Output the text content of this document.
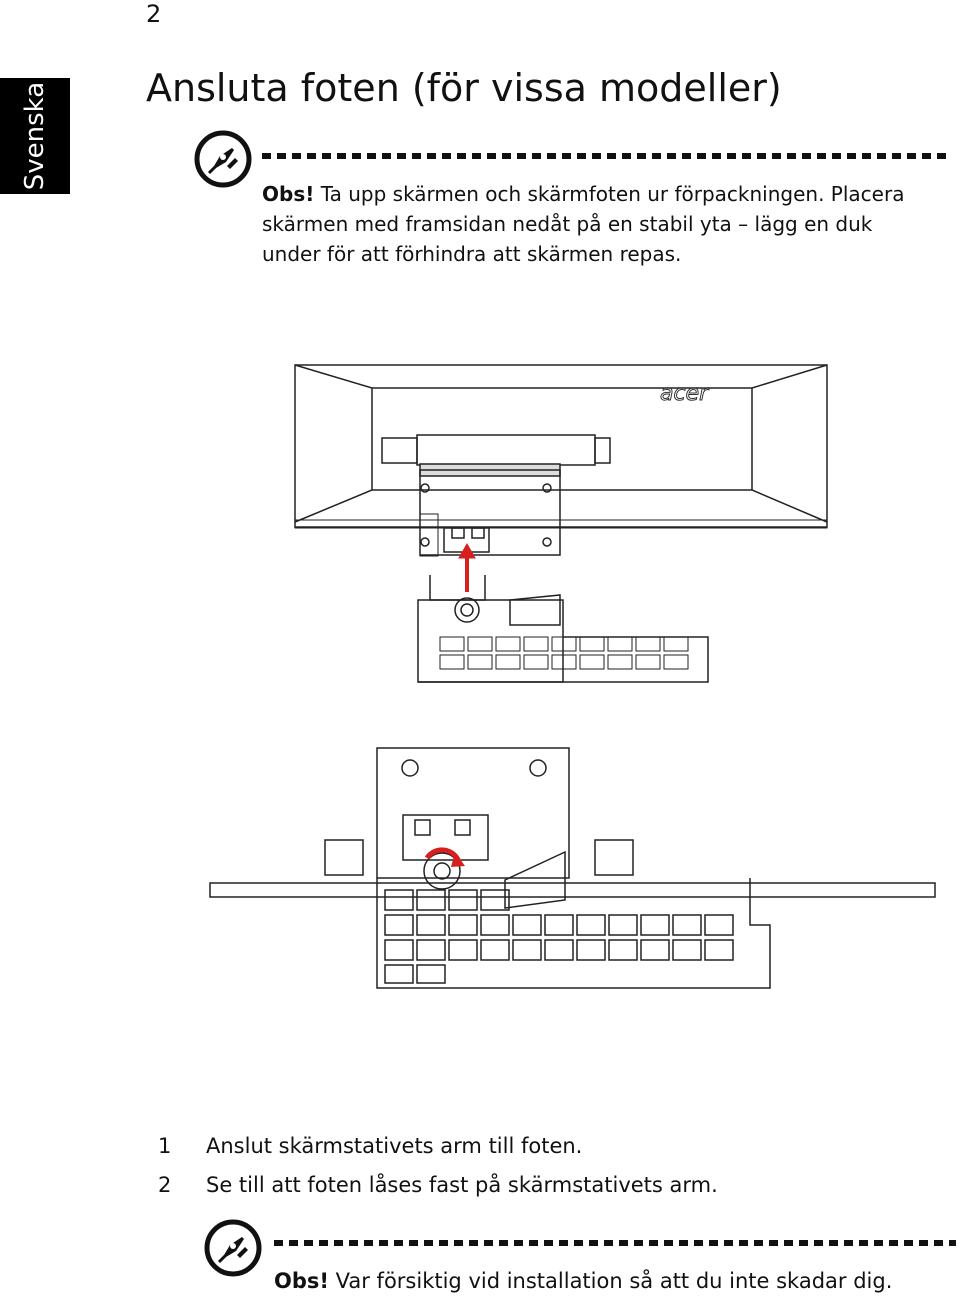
2
Svenska	Ansluta foten (för vissa modeller)
Obs! Ta upp skärmen och skärmfoten ur förpackningen. Placera skärmen med framsidan nedåt på en stabil yta – lägg en duk under för att förhindra att skärmen repas.
acer
1 Anslut skärmstativets arm till foten.
2 Se till att foten låses fast på skärmstativets arm.
Obs! Var försiktig vid installation så att du inte skadar dig.
